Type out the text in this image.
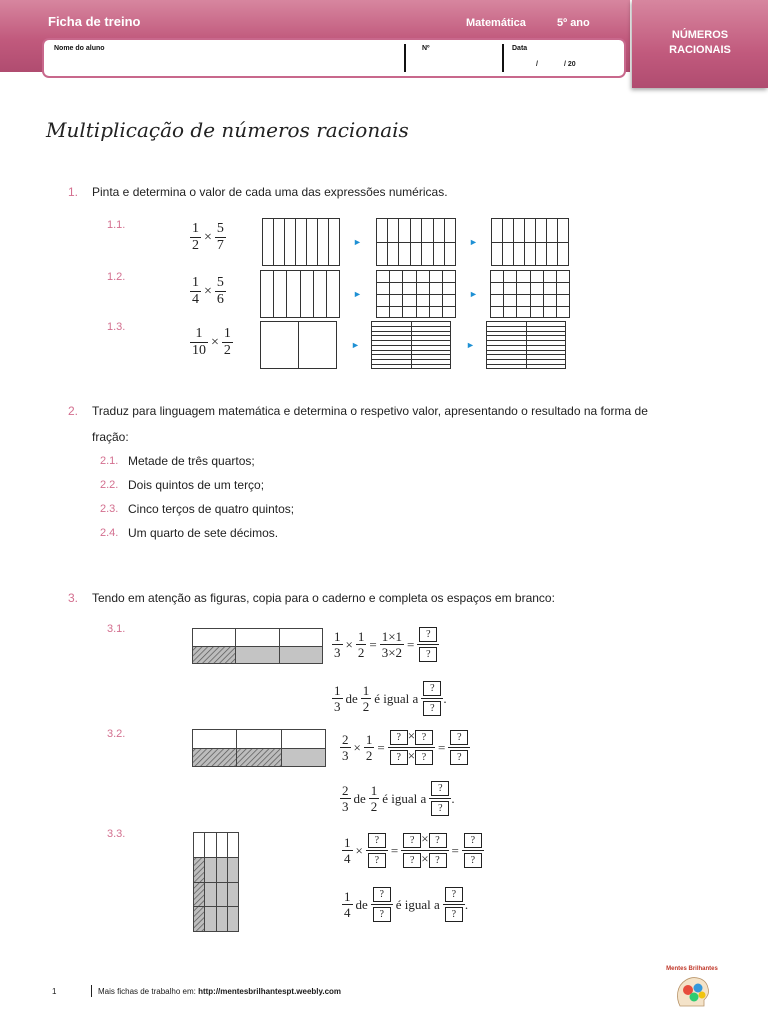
Ficha de treino	Matemática	5º ano
NÚMEROS
RACIONAIS
Nome do aluno	Nº	Data
/	/ 20
Multiplicação de números racionais
1. Pinta e determina o valor de cada uma das expressões numéricas.
1.1.	$\frac{1}{2} \times \frac{5}{7}$	►	►
1.2.	$\frac{1}{4} \times \frac{5}{6}$	►	►
1.3.	$\frac{1}{10} \times \frac{1}{2}$	►	►
2. Traduz para linguagem matemática e determina o respetivo valor, apresentando o resultado na forma de
fração:
2.1. Metade de três quartos;
2.2. Dois quintos de um terço;
2.3. Cinco terços de quatro quintos;
2.4. Um quarto de sete décimos.
3. Tendo em atenção as figuras, copia para o caderno e completa os espaços em branco:
3.1.
$\frac{1}{3} \times \frac{1}{2} = \frac{1\times 1}{3\times 2} = \frac{?}{?}$
$\frac{1}{3}$ de $\frac{1}{2}$ é igual a $\frac{?}{?}$ .
3.2.	$\frac{2}{3} \times \frac{1}{2} = \frac{? \times ?}{? \times ?} = \frac{?}{?}$
$\frac{2}{3}$ de $\frac{1}{2}$ é igual a $\frac{?}{?}$ .
3.3.
$\frac{1}{4} \times \frac{?}{?} = \frac{? \times ?}{? \times ?} = \frac{?}{?}$
$\frac{1}{4}$ de $\frac{?}{?}$ é igual a $\frac{?}{?}$ .
1	Mais fichas de trabalho em: http://mentesbrilhantespt.weebly.com
Mentes Brilhantes
